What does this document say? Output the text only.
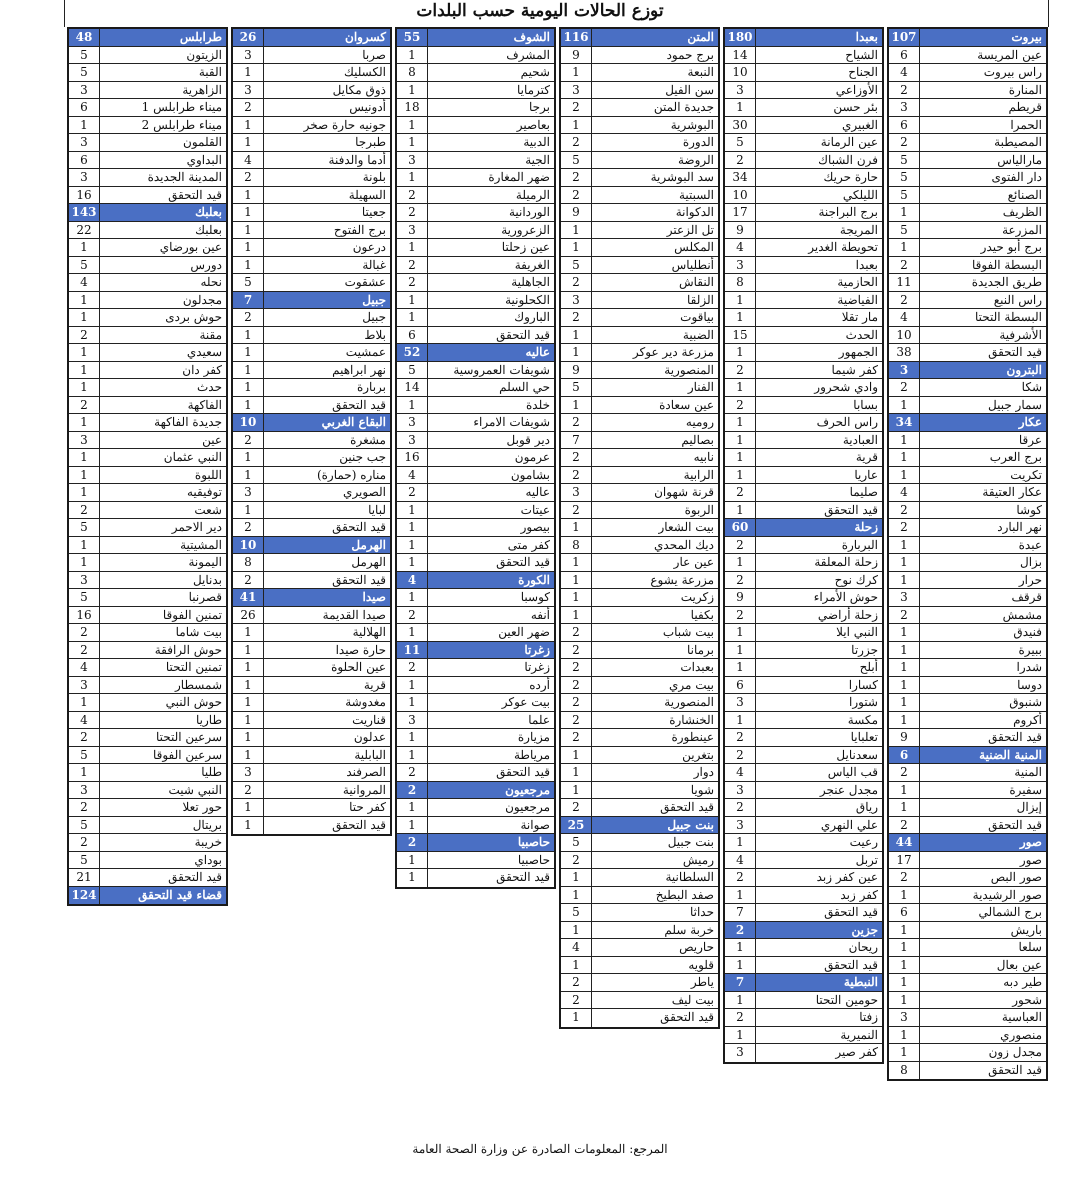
توزع الحالات اليومية حسب البلدات
بيروت
107
عين المريسة
6
راس بيروت
4
المنارة
2
قريطم
3
الحمرا
6
المصيطبة
2
مارالياس
5
دار الفتوى
5
الصنائع
5
الظريف
1
المزرعة
5
برج أبو حيدر
1
البسطة الفوقا
2
طريق الجديدة
11
راس النبع
2
البسطة التحتا
4
الأشرفية
10
قيد التحقق
38
البترون
3
شكا
2
سمار جبيل
1
عكار
34
عرقا
1
برج العرب
1
تكريت
1
عكار العتيقة
4
كوشا
2
نهر البارد
2
عبدة
1
بزال
1
حرار
1
قرقف
3
مشمش
2
فنيدق
1
ببيرة
1
شدرا
1
دوسا
1
شنبوق
1
أكروم
1
قيد التحقق
9
المنية الضنية
6
المنية
2
سفيرة
1
إيزال
1
قيد التحقق
2
صور
44
صور
17
صور البص
2
صور الرشيدية
1
برج الشمالي
6
باريش
1
سلعا
1
عين بعال
1
طير دبه
1
شحور
1
العباسية
3
منصوري
1
مجدل زون
1
قيد التحقق
8
بعبدا
180
الشياح
14
الجناح
10
الأوزاعي
3
بئر حسن
1
الغبيري
30
عين الرمانة
5
فرن الشباك
2
حارة حريك
34
الليلكي
10
برج البراجنة
17
المريجة
9
تحويطة الغدير
4
بعبدا
3
الحازمية
8
الفياضية
1
مار تقلا
1
الحدث
15
الجمهور
1
كفر شيما
2
وادي شحرور
1
بسابا
2
راس الحرف
1
العبادية
1
قرية
1
عاريا
1
صليما
2
قيد التحقق
1
زحلة
60
البربارة
2
زحلة المعلقة
1
كرك نوح
2
حوش الأمراء
9
زحلة أراضي
2
النبي ايلا
1
جزرتا
1
أبلح
1
كسارا
6
شتورا
3
مكسة
1
تعلبايا
2
سعدنايل
2
قب الياس
4
مجدل عنجر
3
رياق
2
علي النهري
3
رعيت
1
تربل
4
عين كفر زبد
2
كفر زبد
1
قيد التحقق
7
جزين
2
ريحان
1
قيد التحقق
1
النبطية
7
حومين التحتا
1
زفتا
2
النميرية
1
كفر صير
3
المتن
116
برج حمود
9
النبعة
1
سن الفيل
3
جديدة المتن
2
البوشرية
1
الدورة
2
الروضة
5
سد البوشرية
2
السبتية
2
الدكوانة
9
تل الزعتر
1
المكلس
1
أنطلياس
5
النقاش
2
الزلقا
3
بياقوت
2
الضبية
1
مزرعة دير عوكر
1
المنصورية
9
الفنار
5
عين سعادة
1
روميه
2
بصاليم
7
نابيه
2
الرابية
2
قرنة شهوان
3
الربوة
2
بيت الشعار
1
ديك المحدي
8
عين عار
1
مزرعة يشوع
1
زكريت
1
بكفيا
1
بيت شباب
2
برمانا
2
بعبدات
2
بيت مري
2
المنصورية
2
الخنشارة
2
عينطورة
2
بتغرين
1
دوار
1
شويا
1
قيد التحقق
2
بنت جبيل
25
بنت جبيل
5
رميش
2
السلطانية
1
صفد البطيخ
1
حداثا
5
خربة سلم
1
حاريص
4
قلويه
1
ياطر
2
بيت ليف
2
قيد التحقق
1
الشوف
55
المشرف
1
شحيم
8
كترمايا
1
برجا
18
بعاصير
1
الدبية
1
الجية
3
ضهر المغارة
1
الرميلة
2
الوردانية
2
الزعرورية
3
عين زحلتا
1
الغريفة
2
الجاهلية
2
الكحلونية
1
الباروك
1
قيد التحقق
6
عاليه
52
شويفات العمروسية
5
حي السلم
14
خلدة
1
شويفات الامراء
3
دير قوبل
3
عرمون
16
بشامون
4
عاليه
2
عيتات
1
بيصور
1
كفر متى
1
قيد التحقق
1
الكورة
4
كوسبا
1
أنفه
2
ضهر العين
1
زغرتا
11
زغرتا
2
أرده
1
بيت عوكر
1
علما
3
مزيارة
1
مرياطة
1
قيد التحقق
2
مرجعيون
2
مرجعيون
1
صوانة
1
حاصبيا
2
حاصبيا
1
قيد التحقق
1
كسروان
26
صربا
3
الكسليك
1
ذوق مكايل
3
أدونيس
2
جونيه حارة صخر
1
طبرجا
1
أدما والدفنة
4
بلونة
2
السهيلة
1
جعيتا
1
برج الفتوح
1
درعون
1
غبالة
1
عشقوت
5
جبيل
7
جبيل
2
بلاط
1
عمشيت
1
نهر ابراهيم
1
بربارة
1
قيد التحقق
1
البقاع الغربي
10
مشغرة
2
جب جنين
1
مناره (حمارة)
1
الصويري
3
لبايا
1
قيد التحقق
2
الهرمل
10
الهرمل
8
قيد التحقق
2
صيدا
41
صيدا القديمة
26
الهلالية
1
حارة صيدا
1
عين الحلوة
1
قرية
1
مغدوشة
1
قناريت
1
عدلون
1
البابلية
1
الصرفند
3
المروانية
2
كفر حتا
1
قيد التحقق
1
طرابلس
48
الزيتون
5
القبة
5
الزاهرية
3
ميناء طرابلس 1
6
ميناء طرابلس 2
1
القلمون
3
البداوي
6
المدينة الجديدة
3
قيد التحقق
16
بعلبك
143
بعلبك
22
عين بورضاي
1
دورس
5
نحله
4
مجدلون
1
حوش بردى
1
مقنة
2
سعيدي
1
كفر دان
1
حدث
1
الفاكهة
2
جديدة الفاكهة
1
عين
3
النبي عثمان
1
اللبوة
1
توفيقيه
1
شعت
2
دير الاحمر
5
المشيتية
1
اليمونة
1
بدنايل
3
قصرنبا
5
تمنين الفوقا
16
بيت شاما
2
حوش الرافقة
2
تمنين التحتا
4
شمسطار
3
حوش النبي
1
طاريا
4
سرعين التحتا
2
سرعين الفوقا
5
طليا
1
النبي شيت
3
حور تعلا
2
بريتال
5
خريبة
2
بوداي
5
قيد التحقق
21
قضاء قيد التحقق
124
المرجع: المعلومات الصادرة عن وزارة الصحة العامة
